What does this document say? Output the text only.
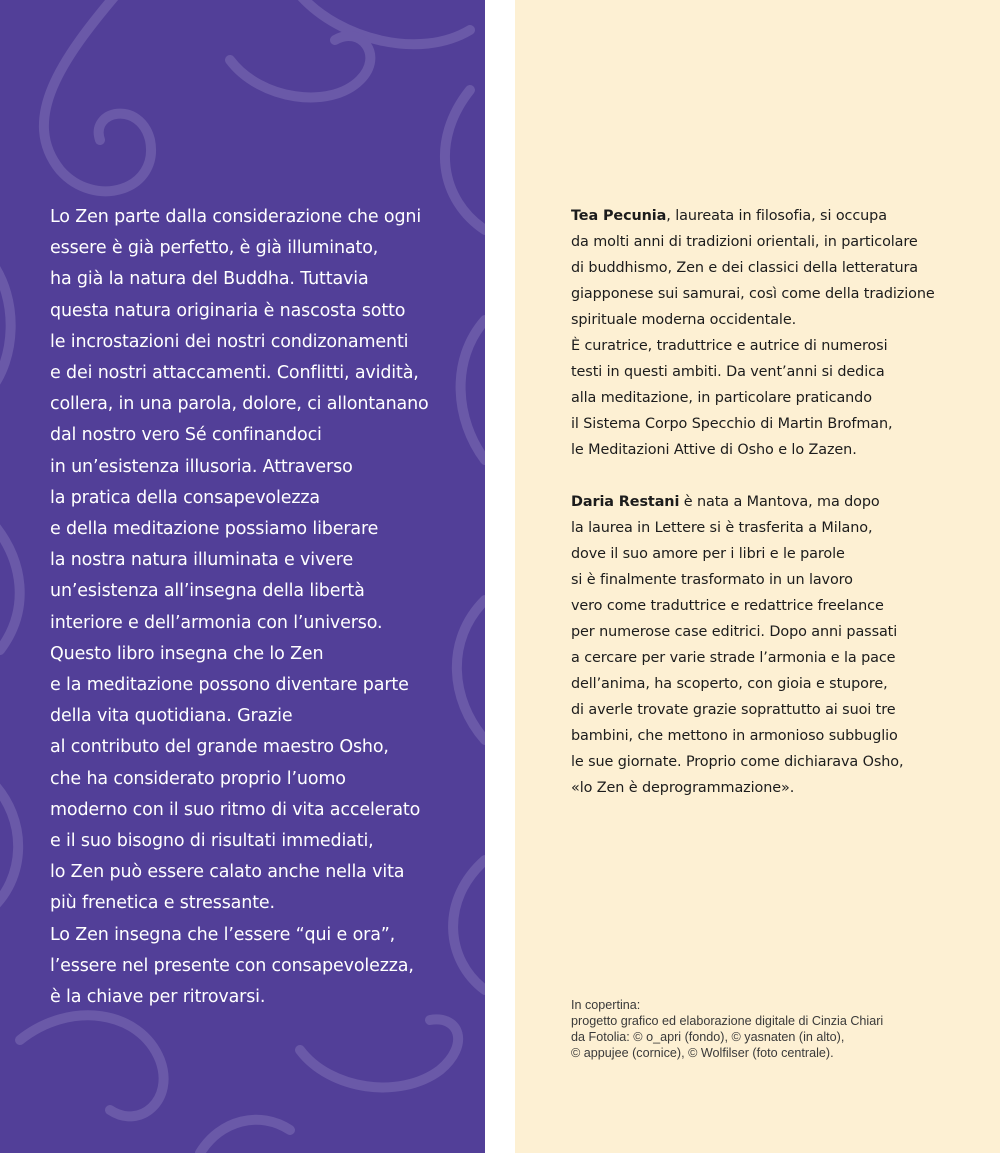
Lo Zen parte dalla considerazione che ogni
essere è già perfetto, è già illuminato,
ha già la natura del Buddha. Tuttavia
questa natura originaria è nascosta sotto
le incrostazioni dei nostri condizonamenti
e dei nostri attaccamenti. Conflitti, avidità,
collera, in una parola, dolore, ci allontanano
dal nostro vero Sé confinandoci
in un’esistenza illusoria. Attraverso
la pratica della consapevolezza
e della meditazione possiamo liberare
la nostra natura illuminata e vivere
un’esistenza all’insegna della libertà
interiore e dell’armonia con l’universo.
Questo libro insegna che lo Zen
e la meditazione possono diventare parte
della vita quotidiana. Grazie
al contributo del grande maestro Osho,
che ha considerato proprio l’uomo
moderno con il suo ritmo di vita accelerato
e il suo bisogno di risultati immediati,
lo Zen può essere calato anche nella vita
più frenetica e stressante.
Lo Zen insegna che l’essere “qui e ora”,
l’essere nel presente con consapevolezza,
è la chiave per ritrovarsi.

Tea Pecunia, laureata in filosofia, si occupa
da molti anni di tradizioni orientali, in particolare
di buddhismo, Zen e dei classici della letteratura
giapponese sui samurai, così come della tradizione
spirituale moderna occidentale.
È curatrice, traduttrice e autrice di numerosi
testi in questi ambiti. Da vent’anni si dedica
alla meditazione, in particolare praticando
il Sistema Corpo Specchio di Martin Brofman,
le Meditazioni Attive di Osho e lo Zazen.

Daria Restani è nata a Mantova, ma dopo
la laurea in Lettere si è trasferita a Milano,
dove il suo amore per i libri e le parole
si è finalmente trasformato in un lavoro
vero come traduttrice e redattrice freelance
per numerose case editrici. Dopo anni passati
a cercare per varie strade l’armonia e la pace
dell’anima, ha scoperto, con gioia e stupore,
di averle trovate grazie soprattutto ai suoi tre
bambini, che mettono in armonioso subbuglio
le sue giornate. Proprio come dichiarava Osho,
«lo Zen è deprogrammazione».

In copertina:
progetto grafico ed elaborazione digitale di Cinzia Chiari
da Fotolia: © o_apri (fondo), © yasnaten (in alto),
© appujee (cornice), © Wolfilser (foto centrale).
